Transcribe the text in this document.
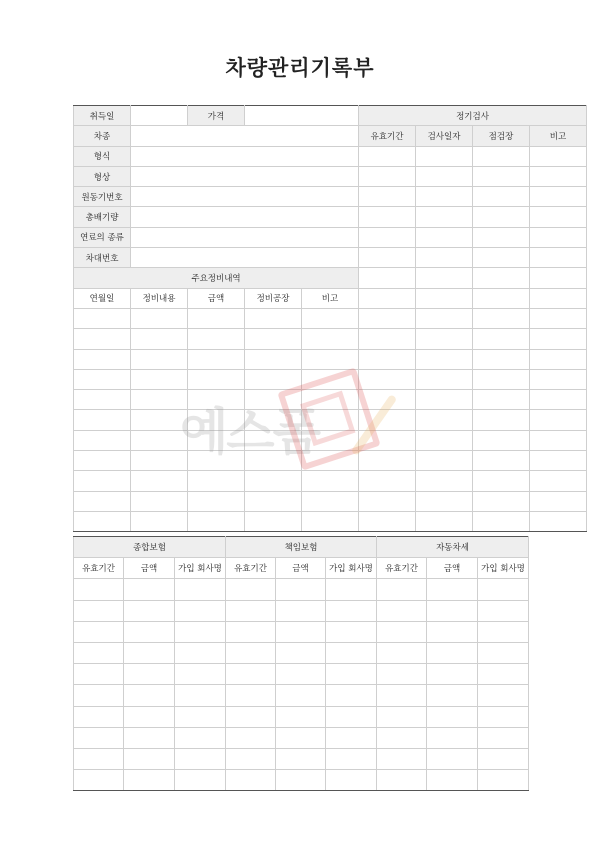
차량관리기록부
취득일		가격			정기검사			
차종					유효기간	검사일자	점검장	비고
형식								
형상								
원동기번호								
총배기량								
연료의 종류								
차대번호								
주요정비내역								
연월일	정비내용	금액	정비공장	비고				

종합보험			책임보험			자동차세		
유효기간	금액	가입 회사명	유효기간	금액	가입 회사명	유효기간	금액	가입 회사명

예스폼
